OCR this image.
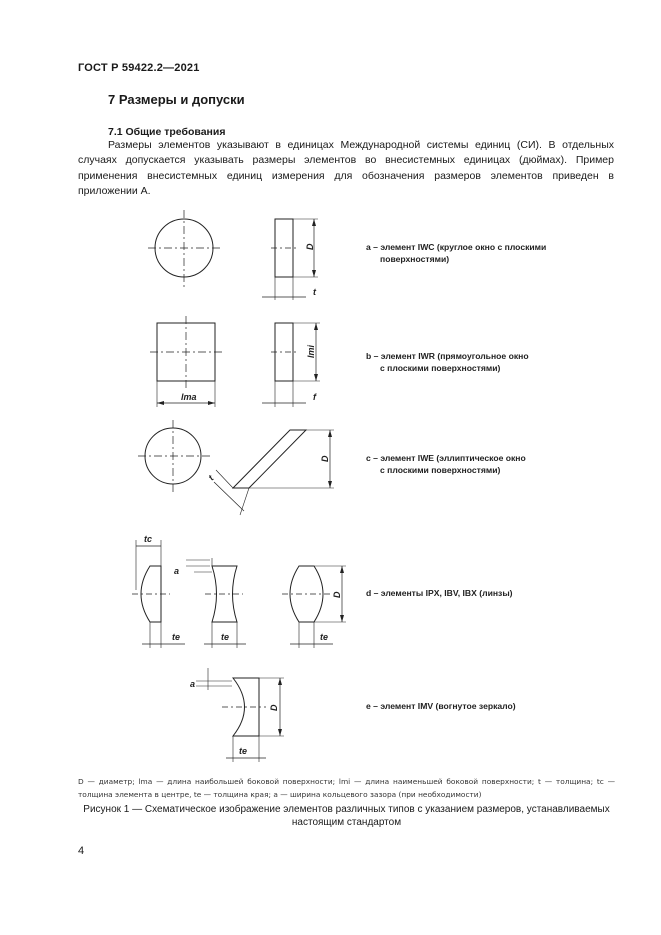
ГОСТ Р 59422.2—2021
7 Размеры и допуски
7.1 Общие требования
Размеры элементов указывают в единицах Международной системы единиц (СИ). В отдельных случаях допускается указывать размеры элементов во внесистемных единицах (дюймах). Пример применения внесистемных единиц измерения для обозначения размеров элементов приведен в приложении А.
D
t
lmi
lma	f
D
t
tc
te	te	te
a
D
a
D
te
а – элемент IWC (круглое окно с плоскими
поверхностями)
b – элемент IWR (прямоугольное окно
с плоскими поверхностями)
c – элемент IWE (эллиптическое окно
с плоскими поверхностями)
d – элементы IPX, IBV, IBX (линзы)
e – элемент IMV (вогнутое зеркало)
D — диаметр; lma — длина наибольшей боковой поверхности; lmi — длина наименьшей боковой поверхности; t — толщина; tc — толщина элемента в центре, te — толщина края; a — ширина кольцевого зазора (при необходимости)
Рисунок 1 — Схематическое изображение элементов различных типов с указанием размеров, устанавливаемых настоящим стандартом
4
